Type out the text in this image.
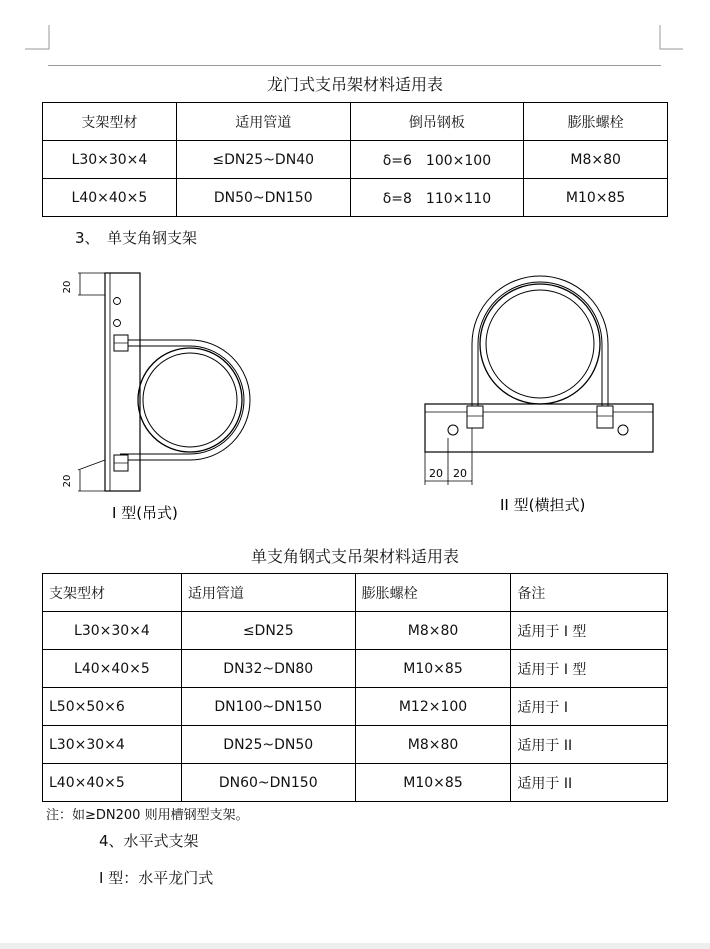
龙门式支吊架材料适用表
支架型材	适用管道	倒吊钢板	膨胀螺栓
L30×30×4	≤DN25~DN40	δ=6　100×100	M8×80
L40×40×5	DN50~DN150	δ=8　110×110	M10×85
3、　单支角钢支架
20
20
I 型(吊式)
20 20
II 型(横担式)
单支角钢式支吊架材料适用表
支架型材	适用管道	膨胀螺栓	备注
L30×30×4	≤DN25	M8×80	适用于 I 型
L40×40×5	DN32~DN80	M10×85	适用于 I 型
L50×50×6	DN100~DN150	M12×100	适用于 I
L30×30×4	DN25~DN50	M8×80	适用于 II
L40×40×5	DN60~DN150	M10×85	适用于 II
注：如≥DN200 则用槽钢型支架。
4、水平式支架
I 型：水平龙门式
